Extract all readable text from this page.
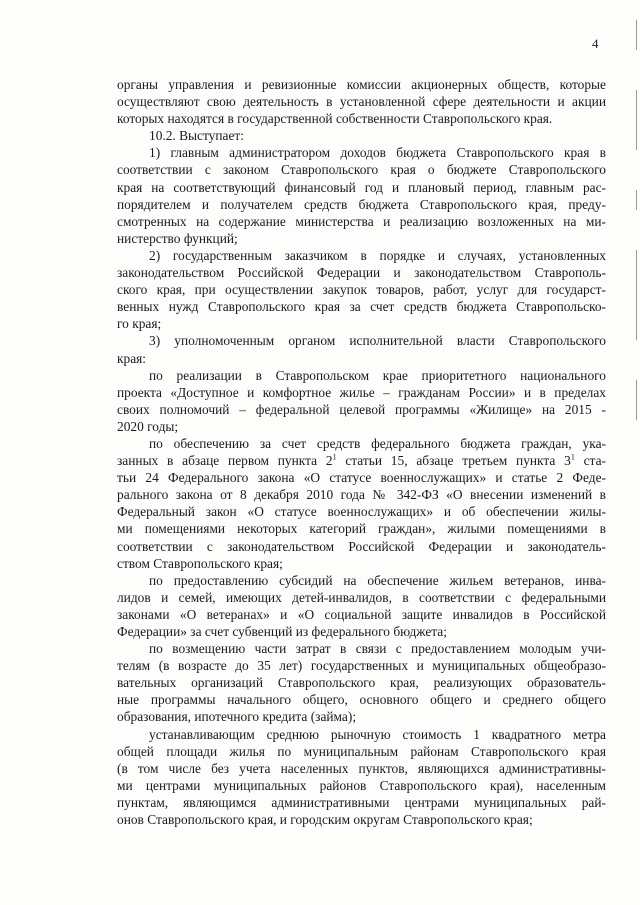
4
органы управления и ревизионные комиссии акционерных обществ, которые
осуществляют свою деятельность в установленной сфере деятельности и акции
которых находятся в государственной собственности Ставропольского края.
10.2. Выступает:
1) главным администратором доходов бюджета Ставропольского края в
соответствии с законом Ставропольского края о бюджете Ставропольского
края на соответствующий финансовый год и плановый период, главным рас-
порядителем и получателем средств бюджета Ставропольского края, преду-
смотренных на содержание министерства и реализацию возложенных на ми-
нистерство функций;
2) государственным заказчиком в порядке и случаях, установленных
законодательством Российской Федерации и законодательством Ставрополь-
ского края, при осуществлении закупок товаров, работ, услуг для государст-
венных нужд Ставропольского края за счет средств бюджета Ставропольско-
го края;
3) уполномоченным органом исполнительной власти Ставропольского
края:
по реализации в Ставропольском крае приоритетного национального
проекта «Доступное и комфортное жилье – гражданам России» и в пределах
своих полномочий – федеральной целевой программы «Жилище» на 2015 -
2020 годы;
по обеспечению за счет средств федерального бюджета граждан, ука-
занных в абзаце первом пункта $2^1$ статьи 15, абзаце третьем пункта $3^1$ ста-
тьи 24 Федерального закона «О статусе военнослужащих» и статье 2 Феде-
рального закона от 8 декабря 2010 года № 342-ФЗ «О внесении изменений в
Федеральный закон «О статусе военнослужащих» и об обеспечении жилы-
ми помещениями некоторых категорий граждан», жилыми помещениями в
соответствии с законодательством Российской Федерации и законодатель-
ством Ставропольского края;
по предоставлению субсидий на обеспечение жильем ветеранов, инва-
лидов и семей, имеющих детей-инвалидов, в соответствии с федеральными
законами «О ветеранах» и «О социальной защите инвалидов в Российской
Федерации» за счет субвенций из федерального бюджета;
по возмещению части затрат в связи с предоставлением молодым учи-
телям (в возрасте до 35 лет) государственных и муниципальных общеобразо-
вательных организаций Ставропольского края, реализующих образователь-
ные программы начального общего, основного общего и среднего общего
образования, ипотечного кредита (займа);
устанавливающим среднюю рыночную стоимость 1 квадратного метра
общей площади жилья по муниципальным районам Ставропольского края
(в том числе без учета населенных пунктов, являющихся административны-
ми центрами муниципальных районов Ставропольского края), населенным
пунктам, являющимся административными центрами муниципальных рай-
онов Ставропольского края, и городским округам Ставропольского края;
